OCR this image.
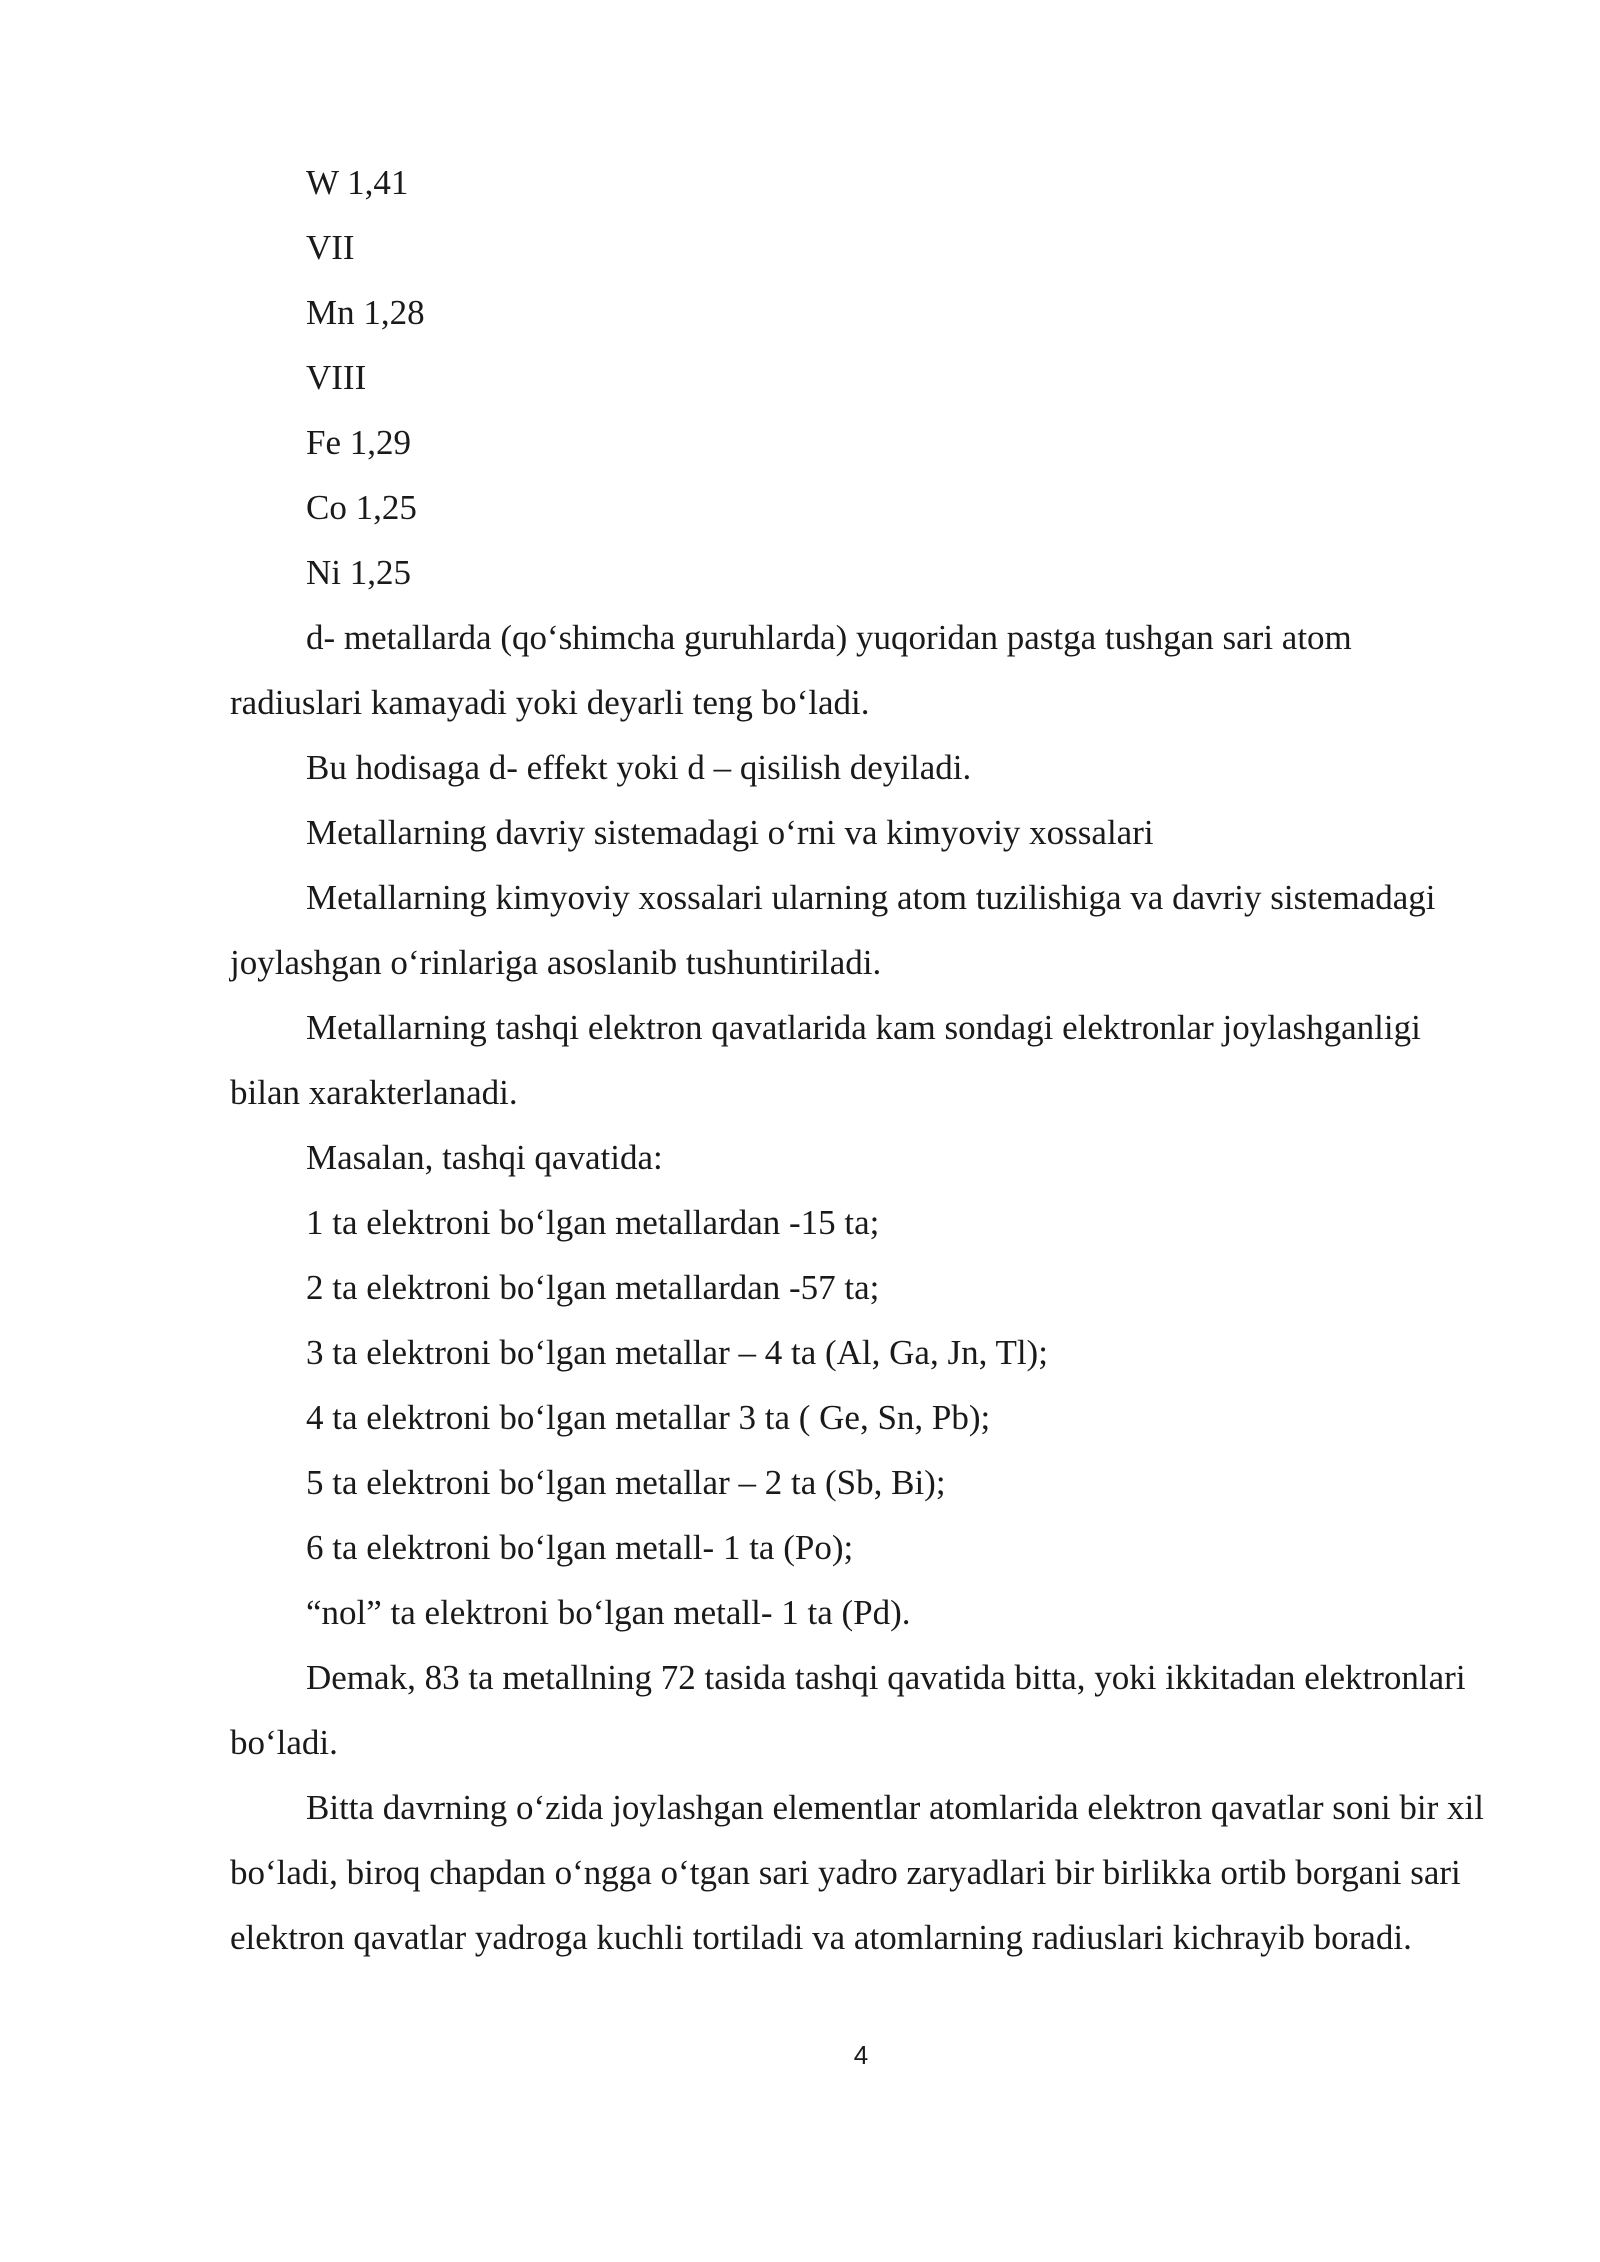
W 1,41

VII

Mn 1,28

VIII

Fe 1,29

Co 1,25

Ni 1,25

d- metallarda (qo‘shimcha guruhlarda) yuqoridan pastga tushgan sari atom radiuslari kamayadi yoki deyarli teng bo‘ladi.

Bu hodisaga d- effekt yoki d – qisilish deyiladi.

Metallarning davriy sistemadagi o‘rni va kimyoviy xossalari

Metallarning kimyoviy xossalari ularning atom tuzilishiga va davriy sistemadagi joylashgan o‘rinlariga asoslanib tushuntiriladi.

Metallarning tashqi elektron qavatlarida kam sondagi elektronlar joylashganligi bilan xarakterlanadi.

Masalan, tashqi qavatida:

1 ta elektroni bo‘lgan metallardan -15 ta;

2 ta elektroni bo‘lgan metallardan -57 ta;

3 ta elektroni bo‘lgan metallar – 4 ta (Al, Ga, Jn, Tl);

4 ta elektroni bo‘lgan metallar 3 ta ( Ge, Sn, Pb);

5 ta elektroni bo‘lgan metallar – 2 ta (Sb, Bi);

6 ta elektroni bo‘lgan metall- 1 ta (Po);

“nol” ta elektroni bo‘lgan metall- 1 ta (Pd).

Demak, 83 ta metallning 72 tasida tashqi qavatida bitta, yoki ikkitadan elektronlari bo‘ladi.

Bitta davrning o‘zida joylashgan elementlar atomlarida elektron qavatlar soni bir xil bo‘ladi, biroq chapdan o‘ngga o‘tgan sari yadro zaryadlari bir birlikka ortib borgani sari elektron qavatlar yadroga kuchli tortiladi va atomlarning radiuslari kichrayib boradi.

4
